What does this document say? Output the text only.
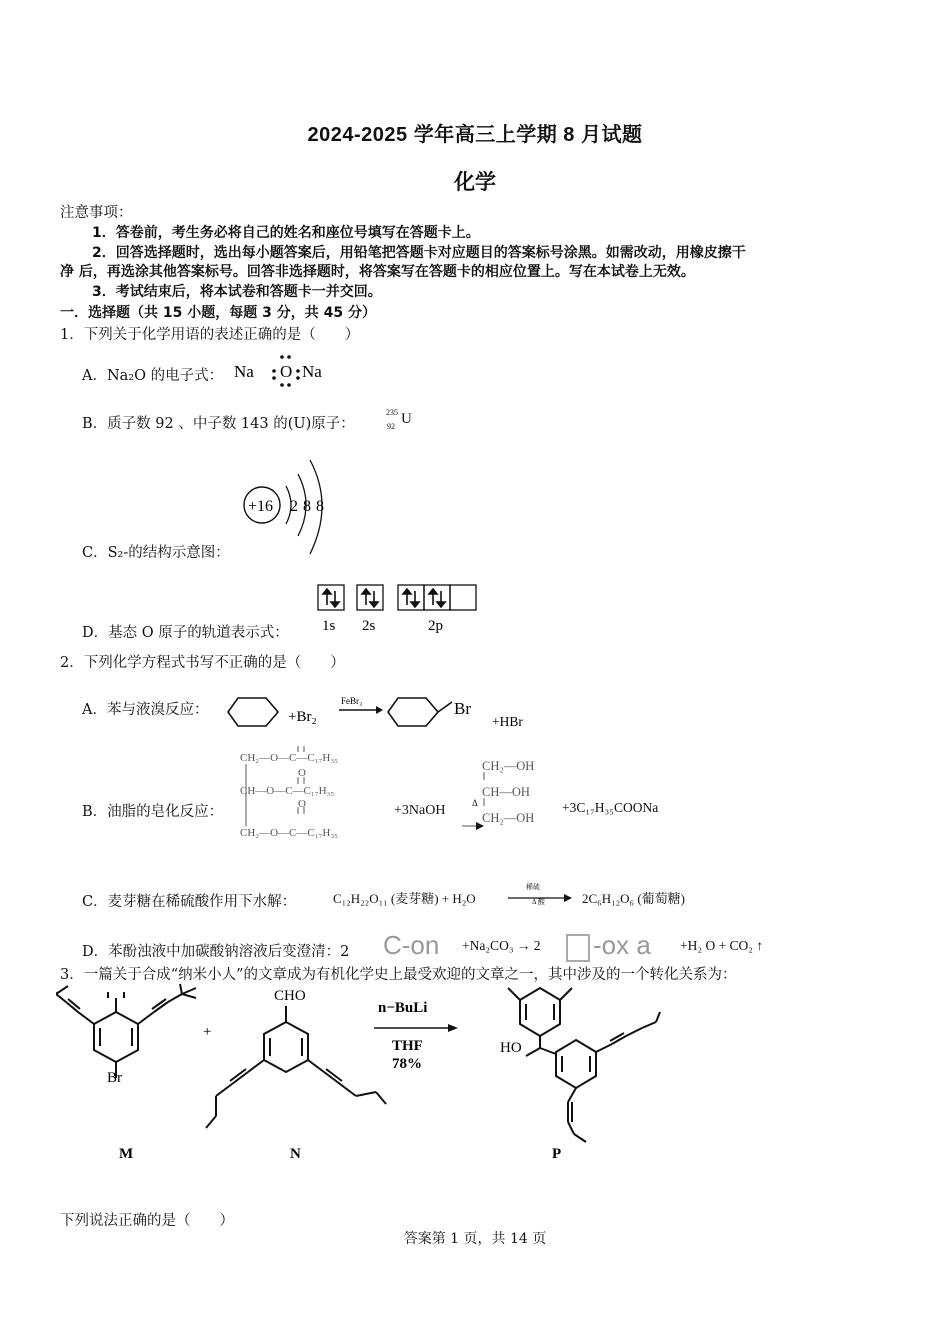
2024-2025 学年高三上学期 8 月试题
化学
注意事项：
1．答卷前，考生务必将自己的姓名和座位号填写在答题卡上。
2．回答选择题时，选出每小题答案后，用铅笔把答题卡对应题目的答案标号涂黑。如需改动，用橡皮擦干
净 后，再选涂其他答案标号。回答非选择题时，将答案写在答题卡的相应位置上。写在本试卷上无效。
3．考试结束后，将本试卷和答题卡一并交回。
一．选择题（共 15 小题，每题 3 分，共 45 分）
1．下列关于化学用语的表述正确的是（　　）
A．Na₂O 的电子式： Na O Na
B．质子数 92 、中子数 143 的(U)原子：
235
92 U
+16 2 8 8
C．S₂-的结构示意图：
1s 2s	2p
D．基态 O 原子的轨道表示式：
2．下列化学方程式书写不正确的是（　　）
A．苯与液溴反应：	+Br₂
FeBr₃	Br
+HBr
B．油脂的皂化反应：
CH₂—O—C—C₁₇H₃₅
O
CH—O—C—C₁₇H₃₅
O
CH₂—O—C—C₁₇H₃₅
+3NaOH	Δ
CH₂—OH
CH—OH
CH₂—OH
+3C₁₇H₃₅COONa
C．麦芽糖在稀硫酸作用下水解：	C₁₂H₂₂O₁₁ (麦芽糖) + H₂O
稀硫
Δ 酸	2C₆H₁₂O₆ (葡萄糖)
D．苯酚浊液中加碳酸钠溶液后变澄清：2 C-on +Na₂CO₃ → 2 -ox a +H₂ O + CO₂ ↑
3．一篇关于合成“纳米小人”的文章成为有机化学史上最受欢迎的文章之一，其中涉及的一个转化关系为：
Br
CHO
HO
+
n−BuLi
THF
78%
M	N	P
下列说法正确的是（　　）
答案第 1 页，共 14 页
